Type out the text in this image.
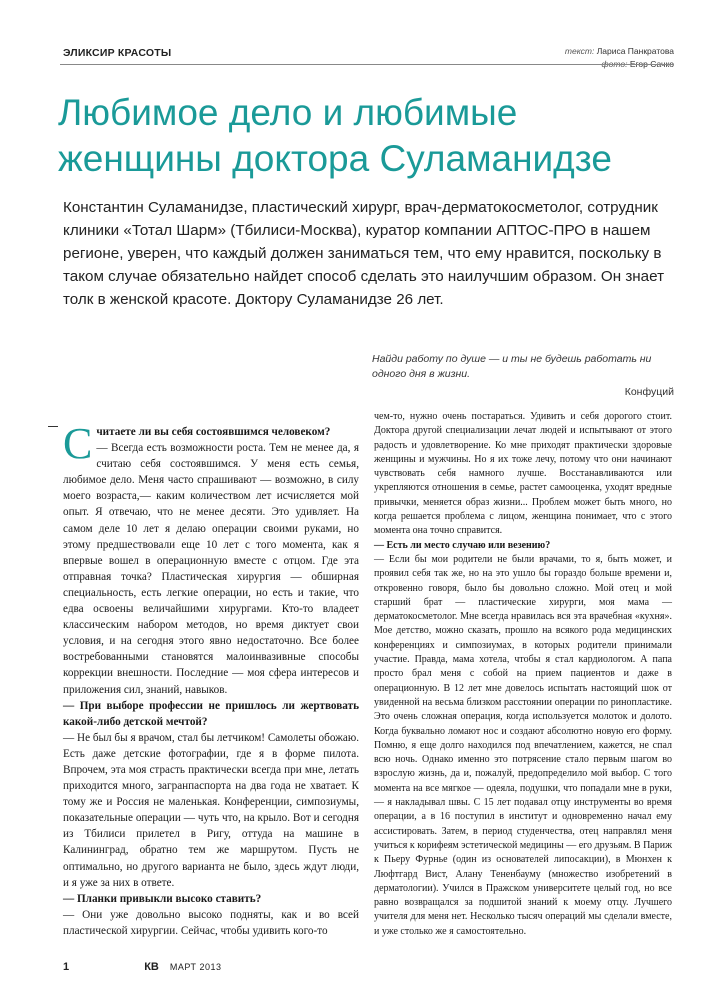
ЭЛИКСИР КРАСОТЫ	текст: Лариса Панкратова
фото: Егор Сачко
Любимое дело и любимые женщины доктора Суламанидзе

Константин Суламанидзе, пластический хирург, врач-дерматокосметолог, сотрудник клиники «Тотал Шарм» (Тбилиси-Москва), куратор компании АПТОС-ПРО в нашем регионе, уверен, что каждый должен заниматься тем, что ему нравится, поскольку в таком случае обязательно найдет способ сделать это наилучшим образом. Он знает толк в женской красоте. Доктору Суламанидзе 26 лет.

Найди работу по душе — и ты не будешь работать ни одного дня в жизни.
Конфуций

Считаете ли вы себя состоявшимся человеком?

— Всегда есть возможности роста. Тем не менее да, я считаю себя состоявшимся. У меня есть семья, любимое дело. Меня часто спрашивают — возможно, в силу моего возраста,— каким количеством лет исчисляется мой опыт. Я отвечаю, что не менее десяти. Это удивляет. На самом деле 10 лет я делаю операции своими руками, но этому предшествовали еще 10 лет с того момента, как я впервые вошел в операционную вместе с отцом. Где эта отправная точка? Пластическая хирургия — обширная специальность, есть легкие операции, но есть и такие, что едва освоены величайшими хирургами. Кто-то владеет классическим набором методов, но время диктует свои условия, и на сегодня этого явно недостаточно. Все более востребованными становятся малоинвазивные способы коррекции внешности. Последние — моя сфера интересов и приложения сил, знаний, навыков.

— При выборе профессии не пришлось ли жертвовать какой-либо детской мечтой?

— Не был бы я врачом, стал бы летчиком! Самолеты обожаю. Есть даже детские фотографии, где я в форме пилота. Впрочем, эта моя страсть практически всегда при мне, летать приходится много, загранпаспорта на два года не хватает. К тому же и Россия не маленькая. Конференции, симпозиумы, показательные операции — чуть что, на крыло. Вот и сегодня из Тбилиси прилетел в Ригу, оттуда на машине в Калининград, обратно тем же маршрутом. Пусть не оптимально, но другого варианта не было, здесь ждут люди, и я уже за них в ответе.

— Планки привыкли высоко ставить?

— Они уже довольно высоко подняты, как и во всей пластической хирургии. Сейчас, чтобы удивить кого-то

чем-то, нужно очень постараться. Удивить и себя дорогого стоит. Доктора другой специализации лечат людей и испытывают от этого радость и удовлетворение. Ко мне приходят практически здоровые женщины и мужчины. Но я их тоже лечу, потому что они начинают чувствовать себя намного лучше. Восстанавливаются или укрепляются отношения в семье, растет самооценка, уходят вредные привычки, меняется образ жизни... Проблем может быть много, но когда решается проблема с лицом, женщина понимает, что с этого момента она точно справится.

— Есть ли место случаю или везению?

— Если бы мои родители не были врачами, то я, быть может, и проявил себя так же, но на это ушло бы гораздо больше времени и, откровенно говоря, было бы довольно сложно. Мой отец и мой старший брат — пластические хирурги, моя мама — дерматокосметолог. Мне всегда нравилась вся эта врачебная «кухня». Мое детство, можно сказать, прошло на всякого рода медицинских конференциях и симпозиумах, в которых родители принимали участие. Правда, мама хотела, чтобы я стал кардиологом. А папа просто брал меня с собой на прием пациентов и даже в операционную. В 12 лет мне довелось испытать настоящий шок от увиденной на весьма близком расстоянии операции по ринопластике. Это очень сложная операция, когда используется молоток и долото. Когда буквально ломают нос и создают абсолютно новую его форму. Помню, я еще долго находился под впечатлением, кажется, не спал всю ночь. Однако именно это потрясение стало первым шагом во взрослую жизнь, да и, пожалуй, предопределило мой выбор. С того момента на все мягкое — одеяла, подушки, что попадали мне в руки,— я накладывал швы. С 15 лет подавал отцу инструменты во время операции, а в 16 поступил в институт и одновременно начал ему ассистировать. Затем, в период студенчества, отец направлял меня учиться к корифеям эстетической медицины — его друзьям. В Париж к Пьеру Фурнье (один из основателей липосакции), в Мюнхен к Люфтгард Вист, Алану Тененбауму (множество изобретений в дерматологии). Учился в Пражском университете целый год, но все равно возвращался за подшитой знаний к моему отцу. Лучшего учителя для меня нет. Несколько тысяч операций мы сделали вместе, и уже столько же я самостоятельно.

1	КВ МАРТ 2013
